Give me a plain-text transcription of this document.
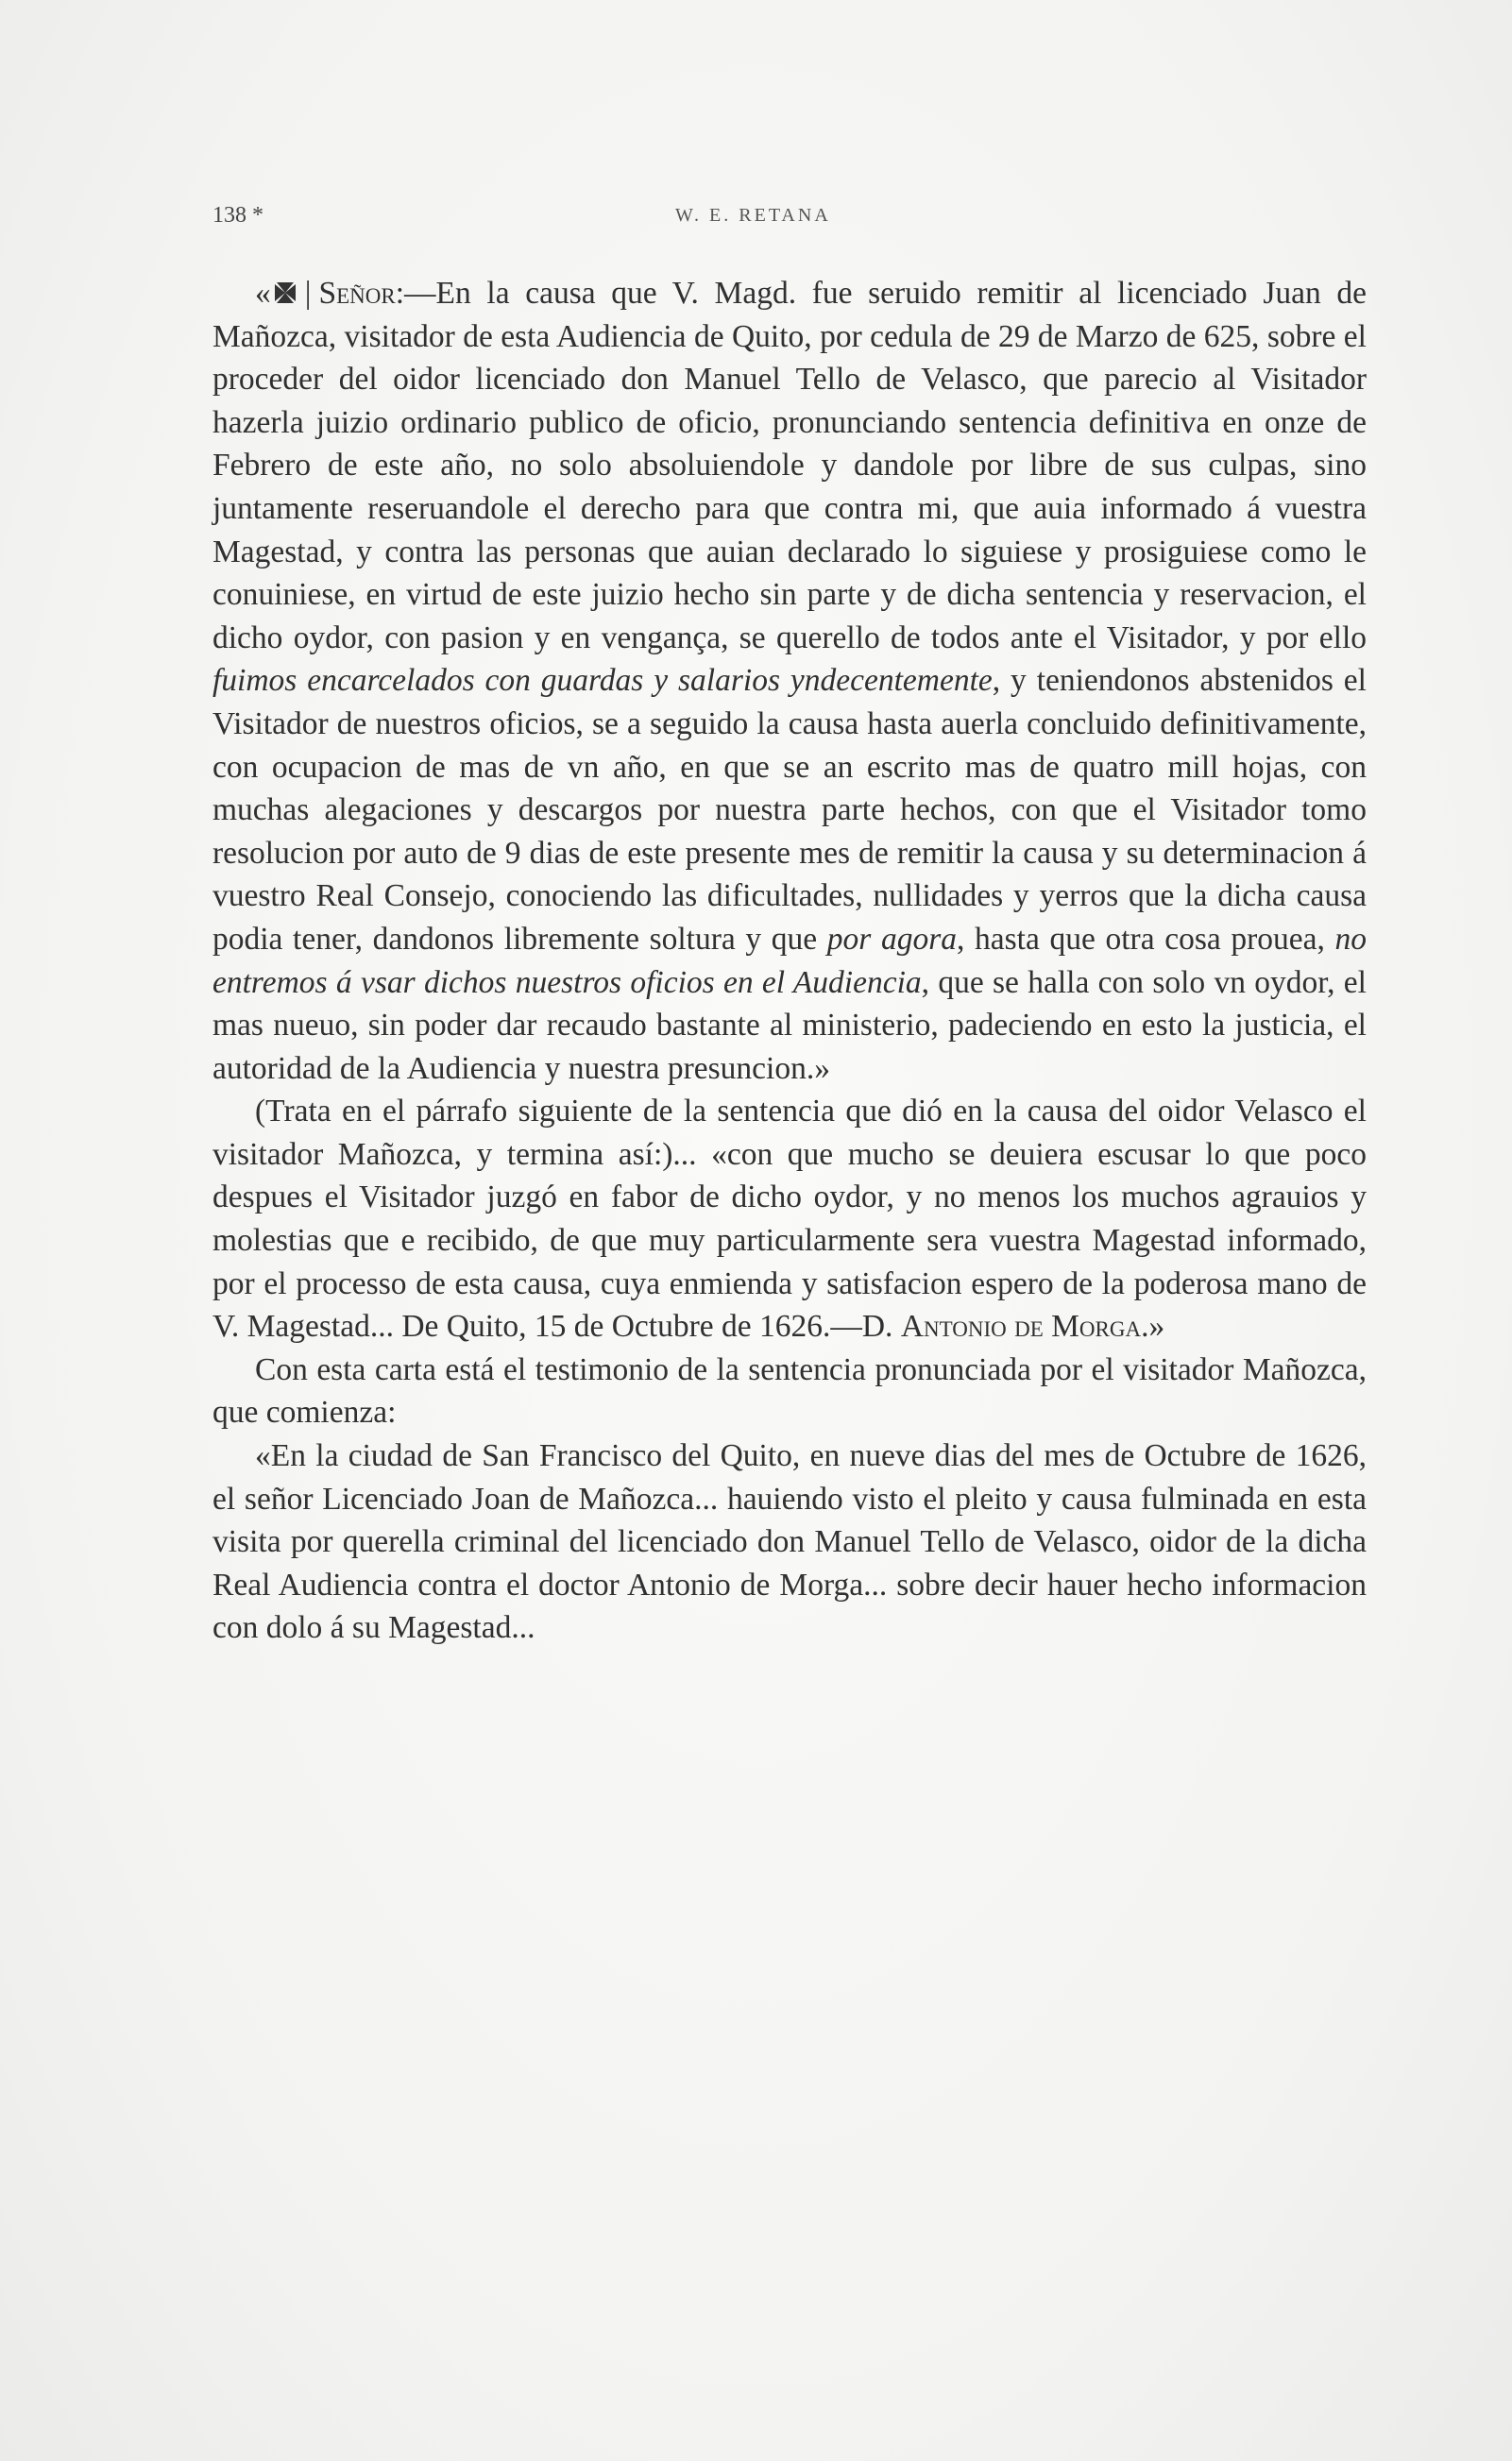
138 *	W. E. RETANA

« | Señor:—En la causa que V. Magd. fue seruido remitir al licenciado Juan de Mañozca, visitador de esta Audiencia de Quito, por cedula de 29 de Marzo de 625, sobre el proceder del oidor licenciado don Manuel Tello de Velasco, que parecio al Visitador hazerla juizio ordinario publico de oficio, pronunciando sentencia definitiva en onze de Febrero de este año, no solo absoluiendole y dandole por libre de sus culpas, sino juntamente reseruandole el derecho para que contra mi, que auia informado á vuestra Magestad, y contra las personas que auian declarado lo siguiese y prosiguiese como le conuiniese, en virtud de este juizio hecho sin parte y de dicha sentencia y reservacion, el dicho oydor, con pasion y en vengança, se querello de todos ante el Visitador, y por ello fuimos encarcelados con guardas y salarios yndecentemente, y teniendonos abstenidos el Visitador de nuestros oficios, se a seguido la causa hasta auerla concluido definitivamente, con ocupacion de mas de vn año, en que se an escrito mas de quatro mill hojas, con muchas alegaciones y descargos por nuestra parte hechos, con que el Visitador tomo resolucion por auto de 9 dias de este presente mes de remitir la causa y su determinacion á vuestro Real Consejo, conociendo las dificultades, nullidades y yerros que la dicha causa podia tener, dandonos libremente soltura y que por agora, hasta que otra cosa prouea, no entremos á vsar dichos nuestros oficios en el Audiencia, que se halla con solo vn oydor, el mas nueuo, sin poder dar recaudo bastante al ministerio, padeciendo en esto la justicia, el autoridad de la Audiencia y nuestra presuncion.»

(Trata en el párrafo siguiente de la sentencia que dió en la causa del oidor Velasco el visitador Mañozca, y termina así:)... «con que mucho se deuiera escusar lo que poco despues el Visitador juzgó en fabor de dicho oydor, y no menos los muchos agrauios y molestias que e recibido, de que muy particularmente sera vuestra Magestad informado, por el processo de esta causa, cuya enmienda y satisfacion espero de la poderosa mano de V. Magestad... De Quito, 15 de Octubre de 1626.—D. Antonio de Morga.»

Con esta carta está el testimonio de la sentencia pronunciada por el visitador Mañozca, que comienza:

«En la ciudad de San Francisco del Quito, en nueve dias del mes de Octubre de 1626, el señor Licenciado Joan de Mañozca... hauiendo visto el pleito y causa fulminada en esta visita por querella criminal del licenciado don Manuel Tello de Velasco, oidor de la dicha Real Audiencia contra el doctor Antonio de Morga... sobre decir hauer hecho informacion con dolo á su Magestad...
